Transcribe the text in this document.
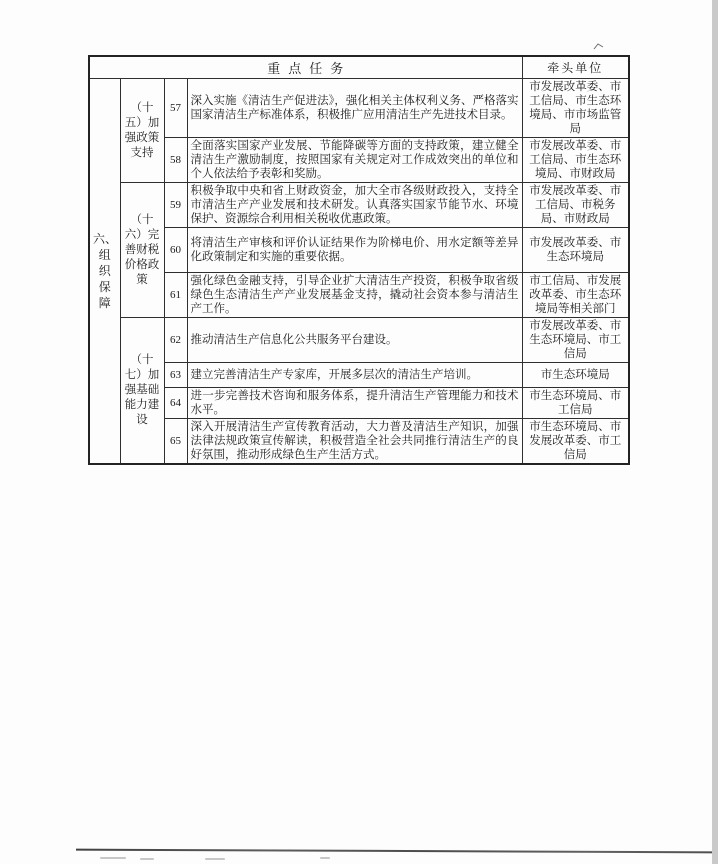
重点任务				牵头单位
六、组织保障	（十五）加强政策支持	57	深入实施《清洁生产促进法》，强化相关主体权利义务、严格落实国家清洁生产标准体系，积极推广应用清洁生产先进技术目录。	市发展改革委、市工信局、市生态环境局、市市场监管局
		58	全面落实国家产业发展、节能降碳等方面的支持政策，建立健全清洁生产激励制度，按照国家有关规定对工作成效突出的单位和个人依法给予表彰和奖励。	市发展改革委、市工信局、市生态环境局、市财政局
	（十六）完善财税价格政策	59	积极争取中央和省上财政资金，加大全市各级财政投入，支持全市清洁生产产业发展和技术研发。认真落实国家节能节水、环境保护、资源综合利用相关税收优惠政策。	市发展改革委、市工信局、市税务局、市财政局
		60	将清洁生产审核和评价认证结果作为阶梯电价、用水定额等差异化政策制定和实施的重要依据。	市发展改革委、市生态环境局
		61	强化绿色金融支持，引导企业扩大清洁生产投资，积极争取省级绿色生态清洁生产产业发展基金支持，撬动社会资本参与清洁生产工作。	市工信局、市发展改革委、市生态环境局等相关部门
	（十七）加强基础能力建设	62	推动清洁生产信息化公共服务平台建设。	市发展改革委、市生态环境局、市工信局
		63	建立完善清洁生产专家库，开展多层次的清洁生产培训。	市生态环境局
		64	进一步完善技术咨询和服务体系，提升清洁生产管理能力和技术水平。	市生态环境局、市工信局
		65	深入开展清洁生产宣传教育活动，大力普及清洁生产知识，加强法律法规政策宣传解读，积极营造全社会共同推行清洁生产的良好氛围，推动形成绿色生产生活方式。	市生态环境局、市发展改革委、市工信局
